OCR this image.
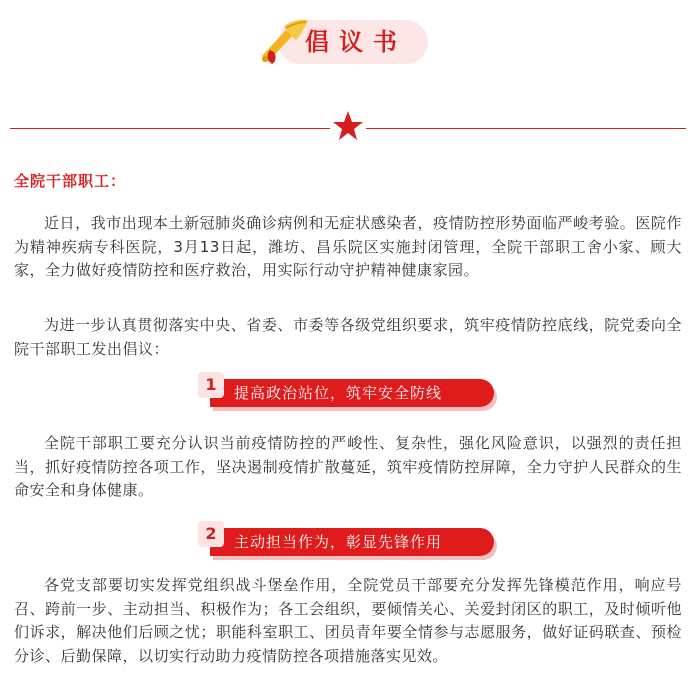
倡议书
全院干部职工：

近日，我市出现本土新冠肺炎确诊病例和无症状感染者，疫情防控形势面临严峻考验。医院作为精神疾病专科医院，3月13日起，潍坊、昌乐院区实施封闭管理，全院干部职工舍小家、顾大家，全力做好疫情防控和医疗救治，用实际行动守护精神健康家园。

为进一步认真贯彻落实中央、省委、市委等各级党组织要求，筑牢疫情防控底线，院党委向全院干部职工发出倡议：

1	提高政治站位，筑牢安全防线

全院干部职工要充分认识当前疫情防控的严峻性、复杂性，强化风险意识，以强烈的责任担当，抓好疫情防控各项工作，坚决遏制疫情扩散蔓延，筑牢疫情防控屏障，全力守护人民群众的生命安全和身体健康。

2	主动担当作为，彰显先锋作用

各党支部要切实发挥党组织战斗堡垒作用，全院党员干部要充分发挥先锋模范作用，响应号召、跨前一步、主动担当、积极作为；各工会组织，要倾情关心、关爱封闭区的职工，及时倾听他们诉求，解决他们后顾之忧；职能科室职工、团员青年要全情参与志愿服务，做好证码联查、预检分诊、后勤保障，以切实行动助力疫情防控各项措施落实见效。
